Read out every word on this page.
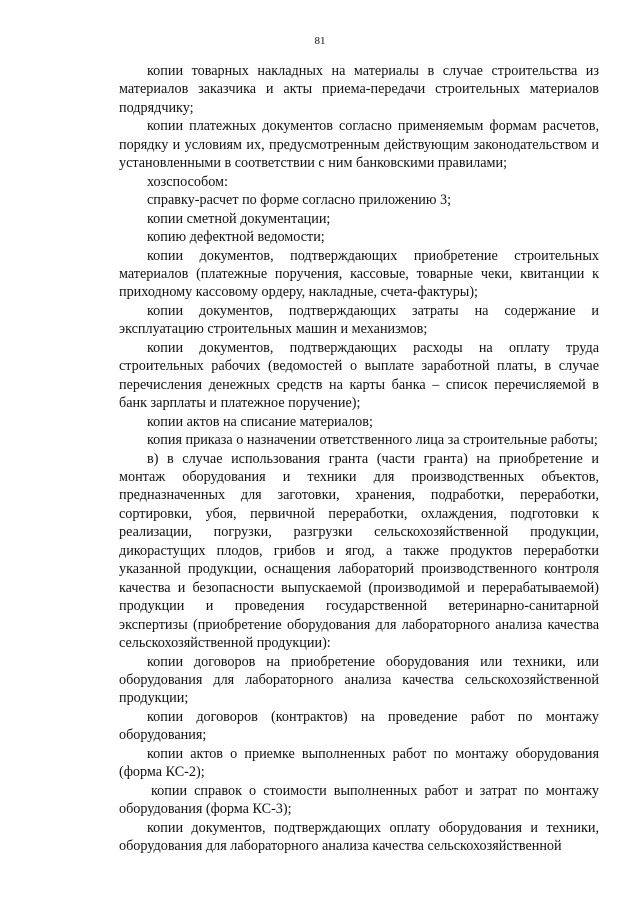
81

копии товарных накладных на материалы в случае строительства из материалов заказчика и акты приема-передачи строительных материалов подрядчику;

копии платежных документов согласно применяемым формам расчетов, порядку и условиям их, предусмотренным действующим законодательством и установленными в соответствии с ним банковскими правилами;

хозспособом:

справку-расчет по форме согласно приложению 3;

копии сметной документации;

копию дефектной ведомости;

копии документов, подтверждающих приобретение строительных материалов (платежные поручения, кассовые, товарные чеки, квитанции к приходному кассовому ордеру, накладные, счета-фактуры);

копии документов, подтверждающих затраты на содержание и эксплуатацию строительных машин и механизмов;

копии документов, подтверждающих расходы на оплату труда строительных рабочих (ведомостей о выплате заработной платы, в случае перечисления денежных средств на карты банка – список перечисляемой в банк зарплаты и платежное поручение);

копии актов на списание материалов;

копия приказа о назначении ответственного лица за строительные работы;

в) в случае использования гранта (части гранта) на приобретение и монтаж оборудования и техники для производственных объектов, предназначенных для заготовки, хранения, подработки, переработки, сортировки, убоя, первичной переработки, охлаждения, подготовки к реализации, погрузки, разгрузки сельскохозяйственной продукции, дикорастущих плодов, грибов и ягод, а также продуктов переработки указанной продукции, оснащения лабораторий производственного контроля качества и безопасности выпускаемой (производимой и перерабатываемой) продукции и проведения государственной ветеринарно-санитарной экспертизы (приобретение оборудования для лабораторного анализа качества сельскохозяйственной продукции):

копии договоров на приобретение оборудования или техники, или оборудования для лабораторного анализа качества сельскохозяйственной продукции;

копии договоров (контрактов) на проведение работ по монтажу оборудования;

копии актов о приемке выполненных работ по монтажу оборудования (форма КС-2);

копии справок о стоимости выполненных работ и затрат по монтажу оборудования (форма КС-3);

копии документов, подтверждающих оплату оборудования и техники, оборудования для лабораторного анализа качества сельскохозяйственной
